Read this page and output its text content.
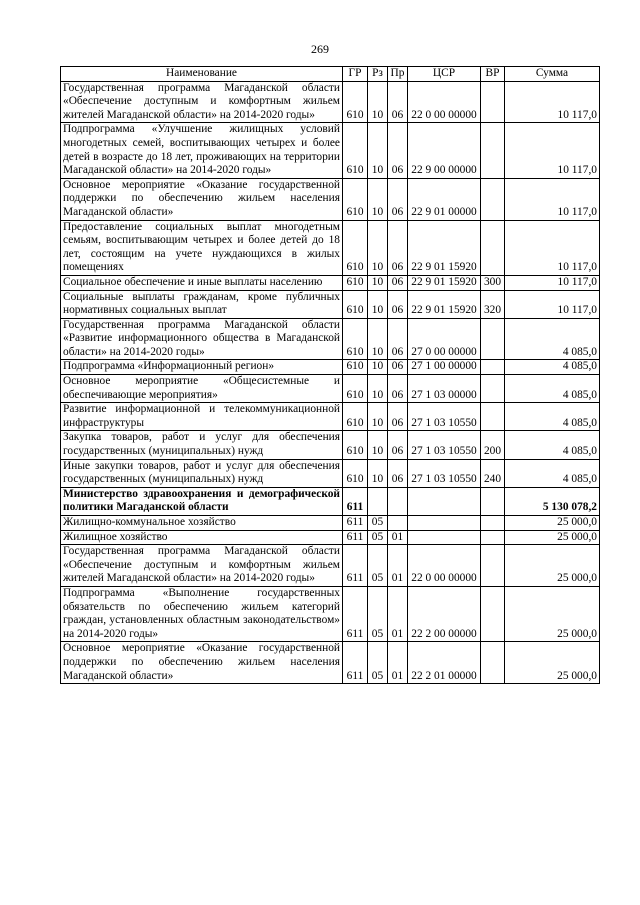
269
Наименование	ГР	Рз	Пр	ЦСР	ВР	Сумма
Государственная программа Магаданской области «Обеспечение доступным и комфортным жильем жителей Магаданской области» на 2014-2020 годы»	610	10	06	22 0 00 00000		10 117,0
Подпрограмма «Улучшение жилищных условий многодетных семей, воспитывающих четырех и более детей в возрасте до 18 лет, проживающих на территории Магаданской области» на 2014-2020 годы»	610	10	06	22 9 00 00000		10 117,0
Основное мероприятие «Оказание государственной поддержки по обеспечению жильем населения Магаданской области»	610	10	06	22 9 01 00000		10 117,0
Предоставление социальных выплат многодетным семьям, воспитывающим четырех и более детей до 18 лет, состоящим на учете нуждающихся в жилых помещениях	610	10	06	22 9 01 15920		10 117,0
Социальное обеспечение и иные выплаты населению	610	10	06	22 9 01 15920	300	10 117,0
Социальные выплаты гражданам, кроме публичных нормативных социальных выплат	610	10	06	22 9 01 15920	320	10 117,0
Государственная программа Магаданской области «Развитие информационного общества в Магаданской области» на 2014-2020 годы»	610	10	06	27 0 00 00000		4 085,0
Подпрограмма «Информационный регион»	610	10	06	27 1 00 00000		4 085,0
Основное мероприятие «Общесистемные и обеспечивающие мероприятия»	610	10	06	27 1 03 00000		4 085,0
Развитие информационной и телекоммуникационной инфраструктуры	610	10	06	27 1 03 10550		4 085,0
Закупка товаров, работ и услуг для обеспечения государственных (муниципальных) нужд	610	10	06	27 1 03 10550	200	4 085,0
Иные закупки товаров, работ и услуг для обеспечения государственных (муниципальных) нужд	610	10	06	27 1 03 10550	240	4 085,0
Министерство здравоохранения и демографической политики Магаданской области	611					5 130 078,2
Жилищно-коммунальное хозяйство	611	05				25 000,0
Жилищное хозяйство	611	05	01			25 000,0
Государственная программа Магаданской области «Обеспечение доступным и комфортным жильем жителей Магаданской области» на 2014-2020 годы»	611	05	01	22 0 00 00000		25 000,0
Подпрограмма «Выполнение государственных обязательств по обеспечению жильем категорий граждан, установленных областным законодательством» на 2014-2020 годы»	611	05	01	22 2 00 00000		25 000,0
Основное мероприятие «Оказание государственной поддержки по обеспечению жильем населения Магаданской области»	611	05	01	22 2 01 00000		25 000,0
